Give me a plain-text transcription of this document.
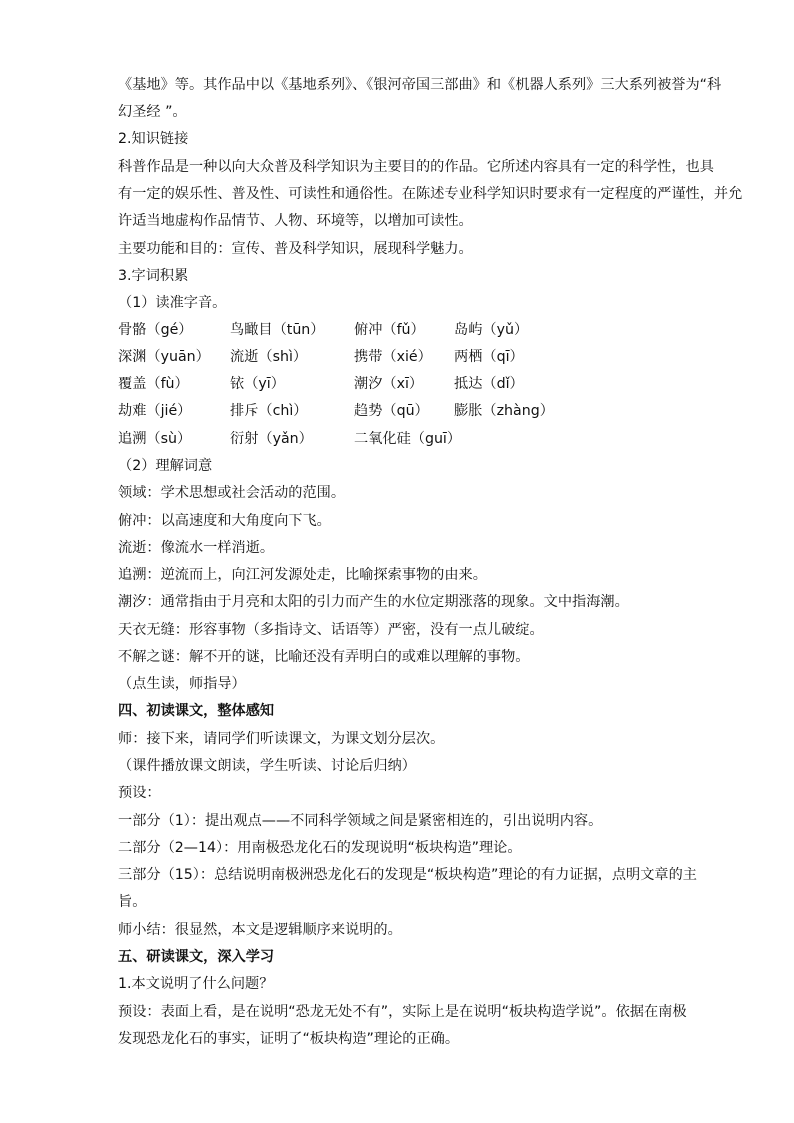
《基地》等。其作品中以《基地系列》、《银河帝国三部曲》和《机器人系列》三大系列被誉为“科
幻圣经 ”。
2.知识链接
科普作品是一种以向大众普及科学知识为主要目的的作品。它所述内容具有一定的科学性，也具
有一定的娱乐性、普及性、可读性和通俗性。在陈述专业科学知识时要求有一定程度的严谨性，并允
许适当地虚构作品情节、人物、环境等，以增加可读性。
主要功能和目的：宣传、普及科学知识，展现科学魅力。
3.字词积累
（1）读准字音。
骨骼（gé）	鸟瞰目（tūn） 俯冲（fǔ） 岛屿（yǔ）
深渊（yuān） 流逝（shì）	携带（xié） 两栖（qī）
覆盖（fù）	铱（yī）	潮汐（xī） 抵达（dǐ）
劫难（jié）	排斥（chì）	趋势（qū） 膨胀（zhàng）
追溯（sù）	衍射（yǎn）	二氧化硅（guī）
（2）理解词意
领域：学术思想或社会活动的范围。
俯冲：以高速度和大角度向下飞。
流逝：像流水一样消逝。
追溯：逆流而上，向江河发源处走，比喻探索事物的由来。
潮汐：通常指由于月亮和太阳的引力而产生的水位定期涨落的现象。文中指海潮。
天衣无缝：形容事物（多指诗文、话语等）严密，没有一点儿破绽。
不解之谜：解不开的谜，比喻还没有弄明白的或难以理解的事物。
（点生读，师指导）
四、初读课文，整体感知
师：接下来，请同学们听读课文，为课文划分层次。
（课件播放课文朗读，学生听读、讨论后归纳）
预设：
一部分（1）：提出观点——不同科学领域之间是紧密相连的，引出说明内容。
二部分（2—14）：用南极恐龙化石的发现说明“板块构造”理论。
三部分（15）：总结说明南极洲恐龙化石的发现是“板块构造”理论的有力证据，点明文章的主
旨。
师小结：很显然，本文是逻辑顺序来说明的。
五、研读课文，深入学习
1.本文说明了什么问题？
预设：表面上看，是在说明“恐龙无处不有”，实际上是在说明“板块构造学说”。依据在南极
发现恐龙化石的事实，证明了“板块构造”理论的正确。
